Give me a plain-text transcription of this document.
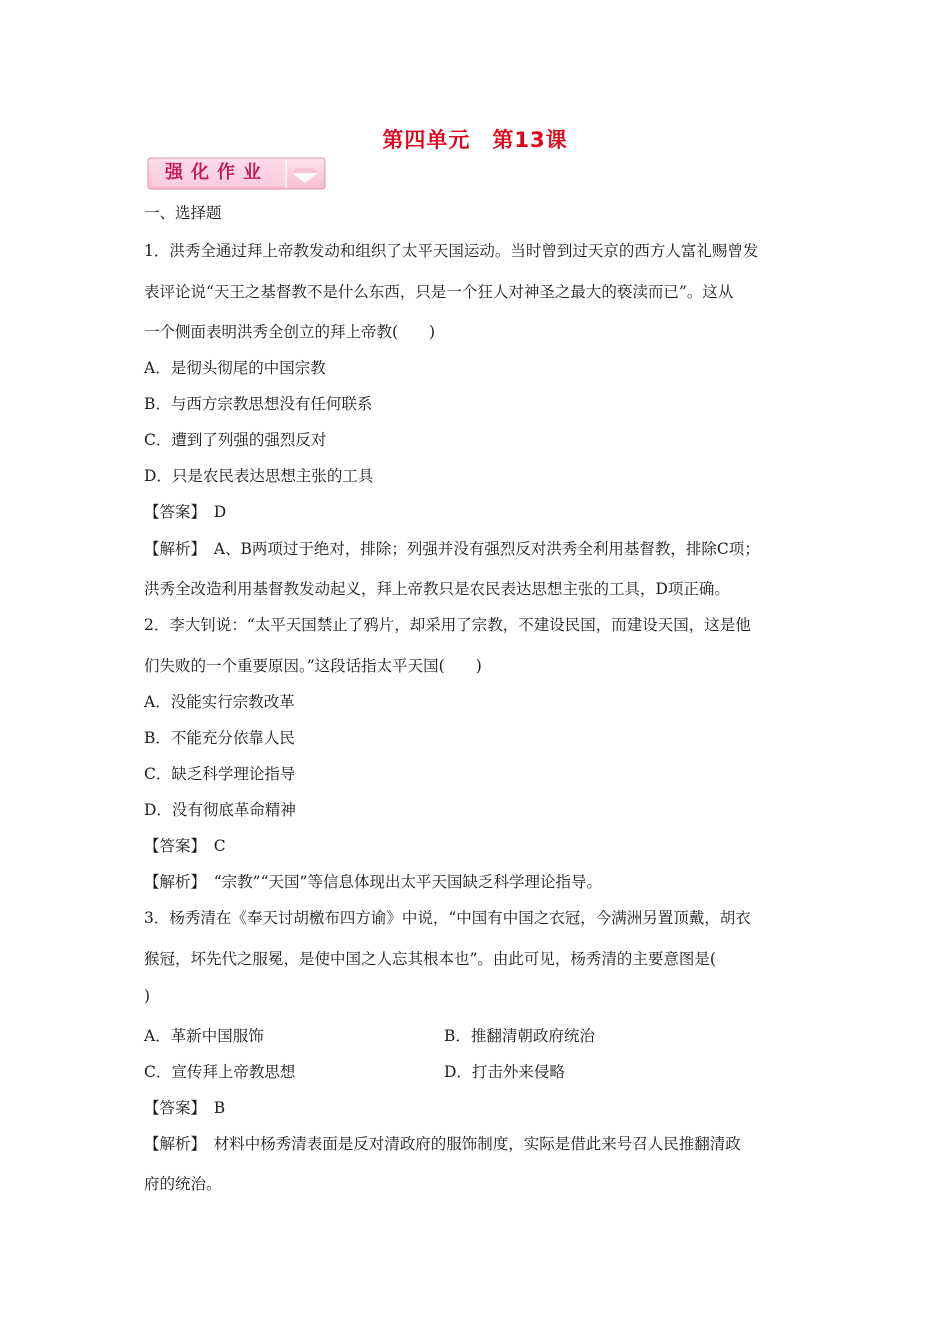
第四单元 第13课
强化作业
一、选择题
1．洪秀全通过拜上帝教发动和组织了太平天国运动。当时曾到过天京的西方人富礼赐曾发
表评论说“天王之基督教不是什么东西，只是一个狂人对神圣之最大的亵渎而已”。这从
一个侧面表明洪秀全创立的拜上帝教(　　)
A．是彻头彻尾的中国宗教
B．与西方宗教思想没有任何联系
C．遭到了列强的强烈反对
D．只是农民表达思想主张的工具
【答案】　D
【解析】　A、B两项过于绝对，排除；列强并没有强烈反对洪秀全利用基督教，排除C项；
洪秀全改造利用基督教发动起义，拜上帝教只是农民表达思想主张的工具，D项正确。
2．李大钊说：“太平天国禁止了鸦片，却采用了宗教，不建设民国，而建设天国，这是他
们失败的一个重要原因。”这段话指太平天国(　　)
A．没能实行宗教改革
B．不能充分依靠人民
C．缺乏科学理论指导
D．没有彻底革命精神
【答案】　C
【解析】　“宗教”“天国”等信息体现出太平天国缺乏科学理论指导。
3．杨秀清在《奉天讨胡檄布四方谕》中说，“中国有中国之衣冠，今满洲另置顶戴，胡衣
猴冠，坏先代之服冕，是使中国之人忘其根本也”。由此可见，杨秀清的主要意图是(
)
A．革新中国服饰	B．推翻清朝政府统治
C．宣传拜上帝教思想	D．打击外来侵略
【答案】　B
【解析】　材料中杨秀清表面是反对清政府的服饰制度，实际是借此来号召人民推翻清政
府的统治。
